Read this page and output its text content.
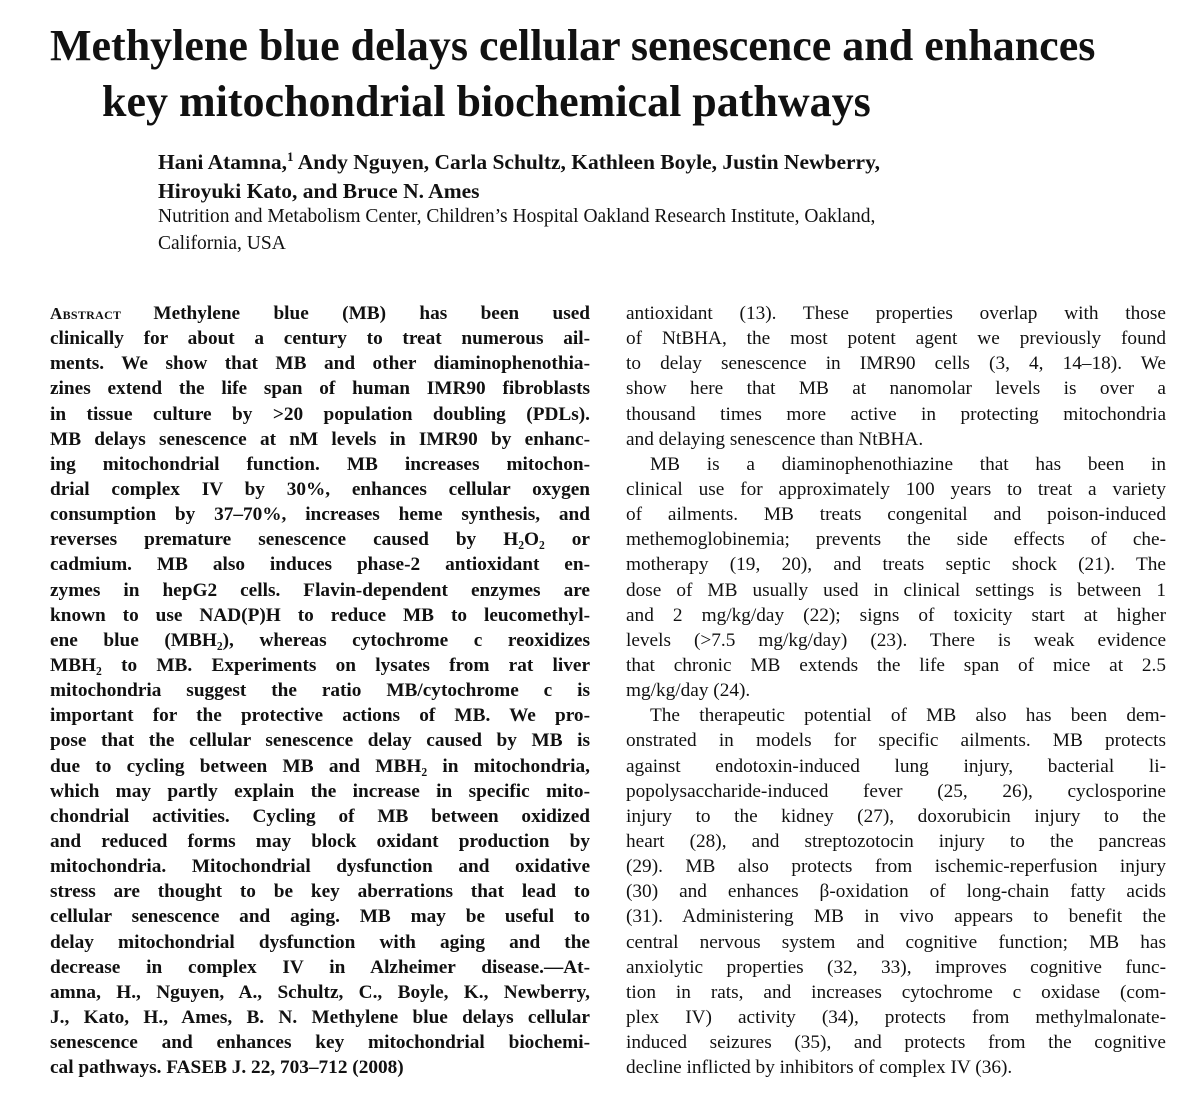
Methylene blue delays cellular senescence and enhances
key mitochondrial biochemical pathways
Hani Atamna,$^1$ Andy Nguyen, Carla Schultz, Kathleen Boyle, Justin Newberry,
Hiroyuki Kato, and Bruce N. Ames
Nutrition and Metabolism Center, Children’s Hospital Oakland Research Institute, Oakland,
California, USA
Abstract Methylene blue (MB) has been used
clinically for about a century to treat numerous ail-
ments. We show that MB and other diaminophenothia-
zines extend the life span of human IMR90 fibroblasts
in tissue culture by >20 population doubling (PDLs).
MB delays senescence at nM levels in IMR90 by enhanc-
ing mitochondrial function. MB increases mitochon-
drial complex IV by 30%, enhances cellular oxygen
consumption by 37–70%, increases heme synthesis, and
reverses premature senescence caused by H₂O₂ or
cadmium. MB also induces phase-2 antioxidant en-
zymes in hepG2 cells. Flavin-dependent enzymes are
known to use NAD(P)H to reduce MB to leucomethyl-
ene blue (MBH₂), whereas cytochrome c reoxidizes
MBH₂ to MB. Experiments on lysates from rat liver
mitochondria suggest the ratio MB/cytochrome c is
important for the protective actions of MB. We pro-
pose that the cellular senescence delay caused by MB is
due to cycling between MB and MBH₂ in mitochondria,
which may partly explain the increase in specific mito-
chondrial activities. Cycling of MB between oxidized
and reduced forms may block oxidant production by
mitochondria. Mitochondrial dysfunction and oxidative
stress are thought to be key aberrations that lead to
cellular senescence and aging. MB may be useful to
delay mitochondrial dysfunction with aging and the
decrease in complex IV in Alzheimer disease.—At-
amna, H., Nguyen, A., Schultz, C., Boyle, K., Newberry,
J., Kato, H., Ames, B. N. Methylene blue delays cellular
senescence and enhances key mitochondrial biochemi-
cal pathways. FASEB J. 22, 703–712 (2008)
antioxidant (13). These properties overlap with those
of NtBHA, the most potent agent we previously found
to delay senescence in IMR90 cells (3, 4, 14–18). We
show here that MB at nanomolar levels is over a
thousand times more active in protecting mitochondria
and delaying senescence than NtBHA.
MB is a diaminophenothiazine that has been in
clinical use for approximately 100 years to treat a variety
of ailments. MB treats congenital and poison-induced
methemoglobinemia; prevents the side effects of che-
motherapy (19, 20), and treats septic shock (21). The
dose of MB usually used in clinical settings is between 1
and 2 mg/kg/day (22); signs of toxicity start at higher
levels (>7.5 mg/kg/day) (23). There is weak evidence
that chronic MB extends the life span of mice at 2.5
mg/kg/day (24).
The therapeutic potential of MB also has been dem-
onstrated in models for specific ailments. MB protects
against endotoxin-induced lung injury, bacterial li-
popolysaccharide-induced fever (25, 26), cyclosporine
injury to the kidney (27), doxorubicin injury to the
heart (28), and streptozotocin injury to the pancreas
(29). MB also protects from ischemic-reperfusion injury
(30) and enhances β-oxidation of long-chain fatty acids
(31). Administering MB in vivo appears to benefit the
central nervous system and cognitive function; MB has
anxiolytic properties (32, 33), improves cognitive func-
tion in rats, and increases cytochrome c oxidase (com-
plex IV) activity (34), protects from methylmalonate-
induced seizures (35), and protects from the cognitive
decline inflicted by inhibitors of complex IV (36).
